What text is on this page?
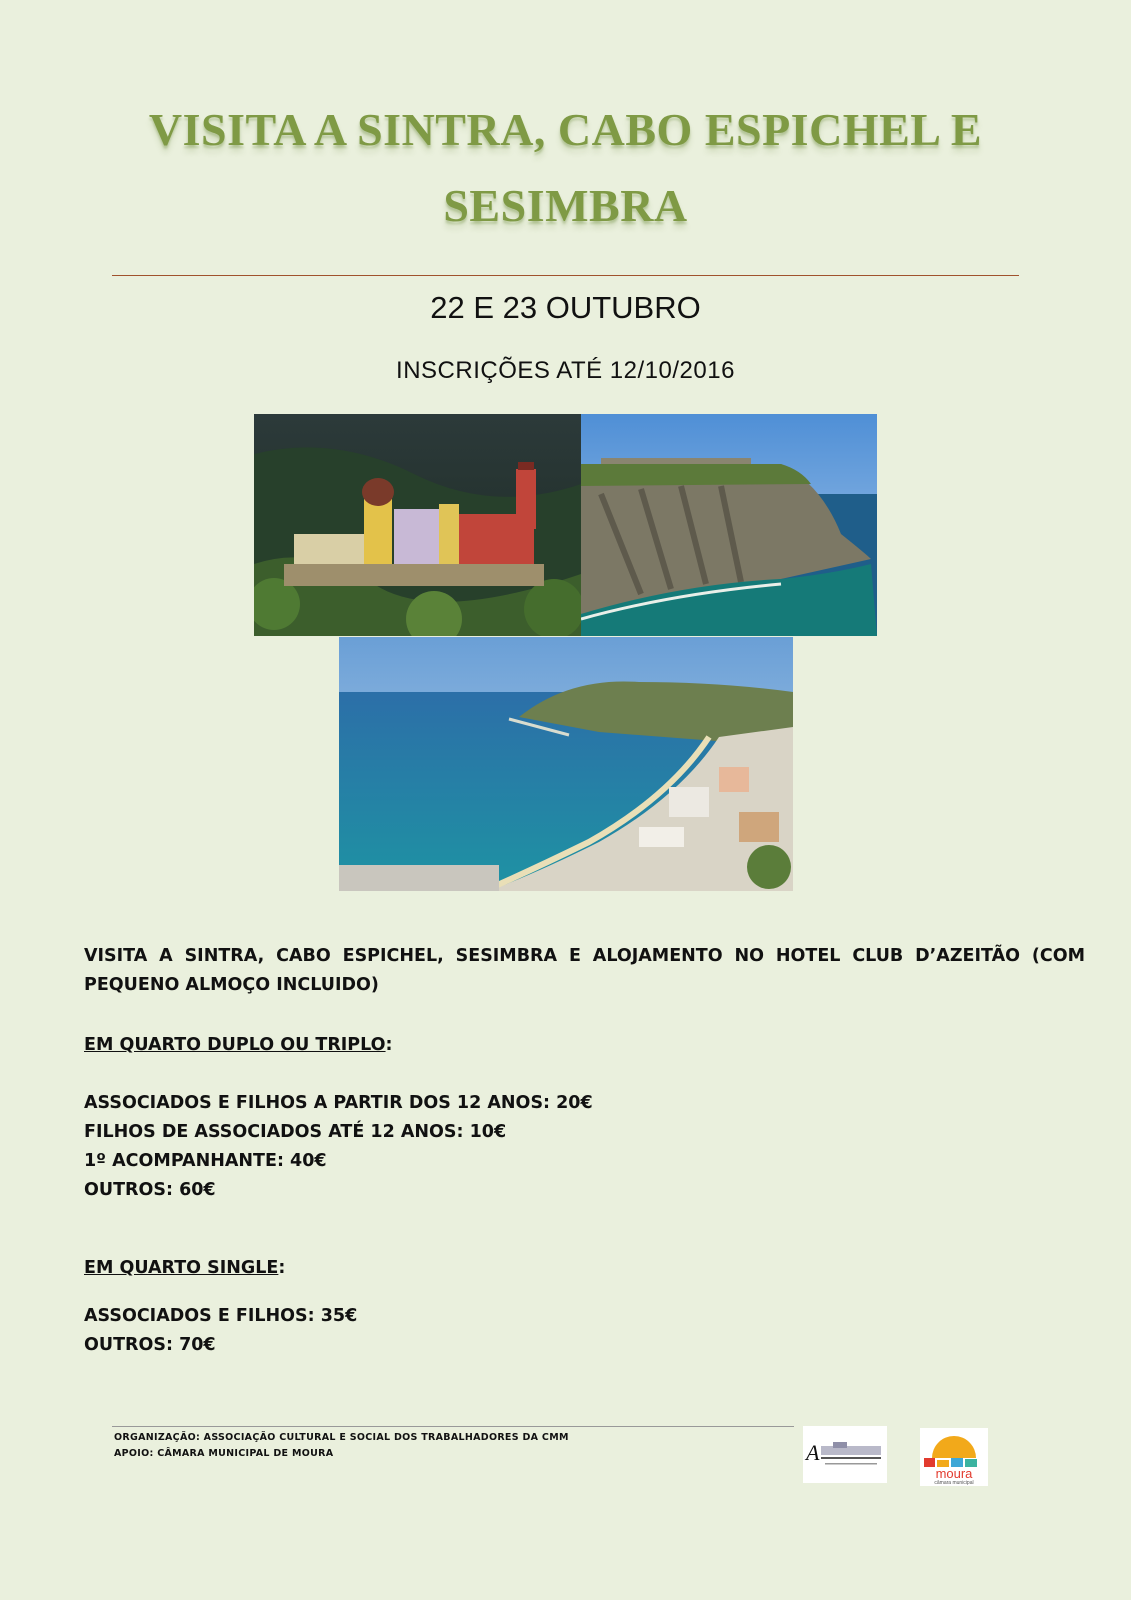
VISITA A SINTRA, CABO ESPICHEL E
SESIMBRA
22 E 23 OUTUBRO
INSCRIÇÕES ATÉ 12/10/2016
VISITA A SINTRA, CABO ESPICHEL, SESIMBRA E ALOJAMENTO NO HOTEL CLUB D’AZEITÃO (COM PEQUENO ALMOÇO INCLUIDO)
EM QUARTO DUPLO OU TRIPLO:
ASSOCIADOS E FILHOS A PARTIR DOS 12 ANOS: 20€
FILHOS DE ASSOCIADOS ATÉ 12 ANOS: 10€
1º ACOMPANHANTE: 40€
OUTROS: 60€
EM QUARTO SINGLE:
ASSOCIADOS E FILHOS: 35€
OUTROS: 70€
ORGANIZAÇÃO: ASSOCIAÇÃO CULTURAL E SOCIAL DOS TRABALHADORES DA CMM
APOIO: CÂMARA MUNICIPAL DE MOURA	A
moura
câmara municipal
